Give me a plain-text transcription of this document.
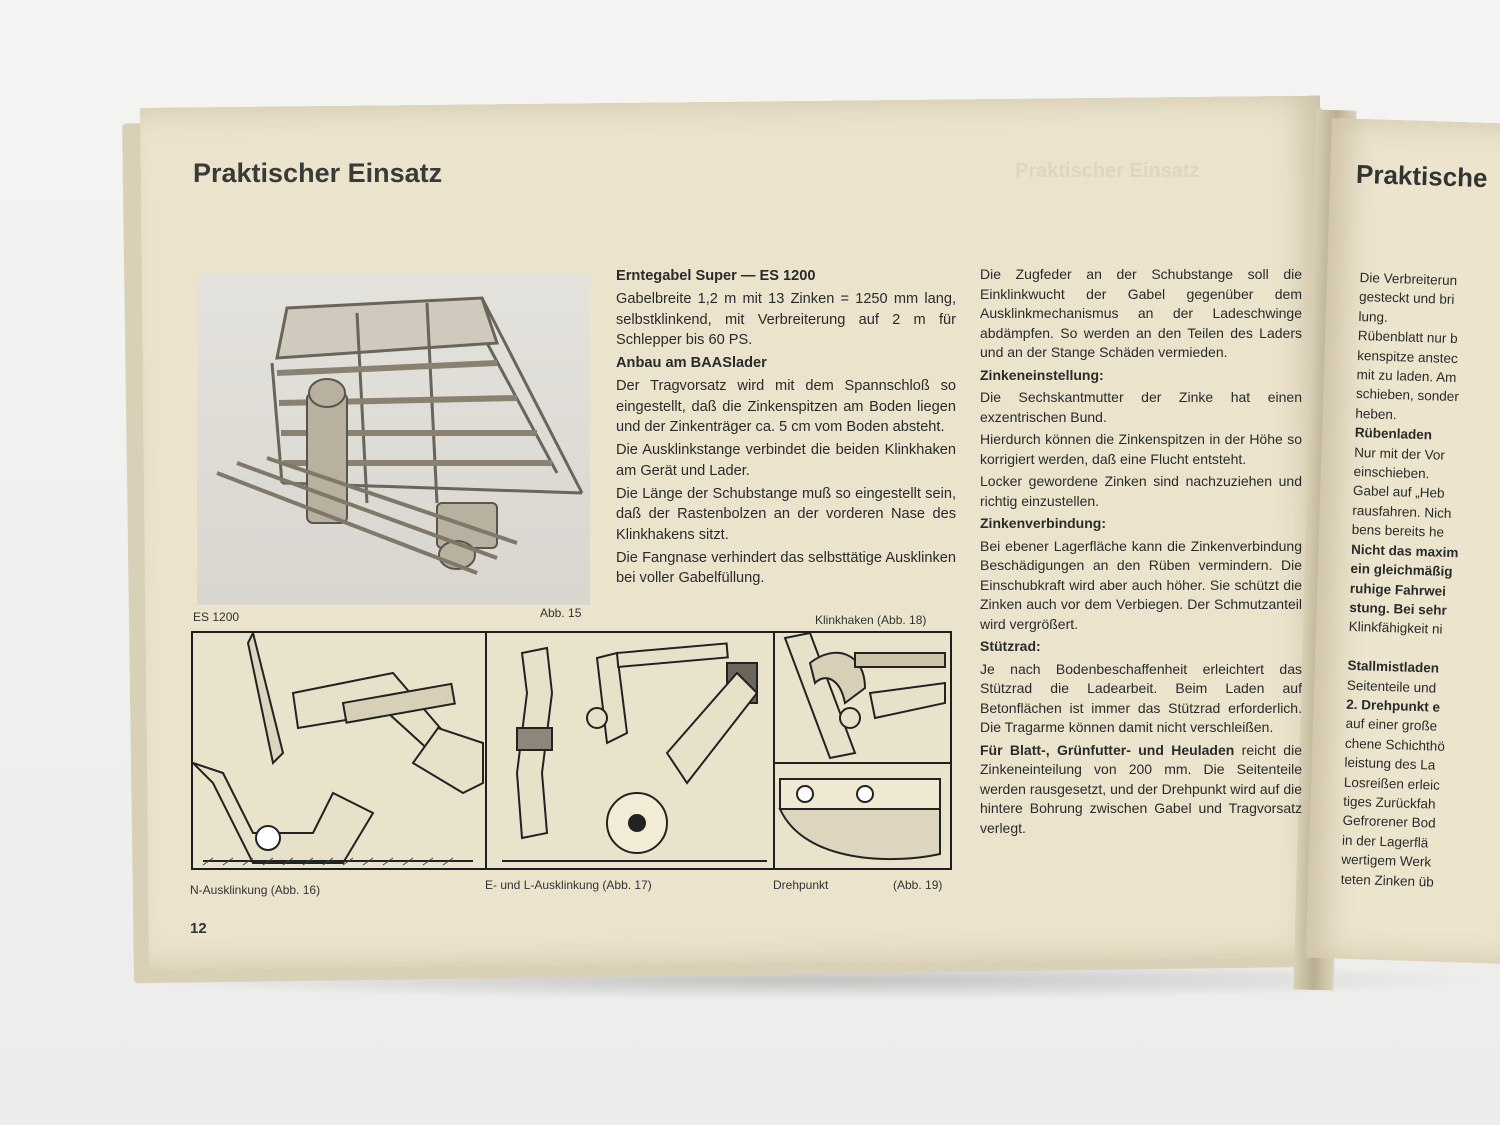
Praktischer Einsatz	Praktischer Einsatz
ES 1200	Abb. 15	Klinkhaken (Abb. 18)

Erntegabel Super — ES 1200

Gabelbreite 1,2 m mit 13 Zinken = 1250 mm lang, selbstklinkend, mit Verbreiterung auf 2 m für Schlepper bis 60 PS.

Anbau am BAASlader

Der Tragvorsatz wird mit dem Spannschloß so eingestellt, daß die Zinkenspitzen am Boden liegen und der Zinkenträger ca. 5 cm vom Boden absteht.

Die Ausklinkstange verbindet die beiden Klinkhaken am Gerät und Lader.

Die Länge der Schubstange muß so eingestellt sein, daß der Rastenbolzen an der vorderen Nase des Klinkhakens sitzt.

Die Fangnase verhindert das selbsttätige Ausklinken bei voller Gabelfüllung.

Die Zugfeder an der Schubstange soll die Einklinkwucht der Gabel gegenüber dem Ausklinkmechanismus an der Ladeschwinge abdämpfen. So werden an den Teilen des Laders und an der Stange Schäden vermieden.

Zinkeneinstellung:

Die Sechskantmutter der Zinke hat einen exzentrischen Bund.

Hierdurch können die Zinkenspitzen in der Höhe so korrigiert werden, daß eine Flucht entsteht.

Locker gewordene Zinken sind nachzuziehen und richtig einzustellen.

Zinkenverbindung:

Bei ebener Lagerfläche kann die Zinkenverbindung Beschädigungen an den Rüben vermindern. Die Einschubkraft wird aber auch höher. Sie schützt die Zinken auch vor dem Verbiegen. Der Schmutzanteil wird vergrößert.

Stützrad:

Je nach Bodenbeschaffenheit erleichtert das Stützrad die Ladearbeit. Beim Laden auf Betonflächen ist immer das Stützrad erforderlich. Die Tragarme können damit nicht verschleißen.

Für Blatt-, Grünfutter- und Heuladen reicht die Zinkeneinteilung von 200 mm. Die Seitenteile werden rausgesetzt, und der Drehpunkt wird auf die hintere Bohrung zwischen Gabel und Tragvorsatz verlegt.

N-Ausklinkung (Abb. 16)	E- und L-Ausklinkung (Abb. 17)	Drehpunkt	(Abb. 19)
12
Praktische
Die Verbreiterun
gesteckt und bri
lung.
Rübenblatt nur b
kenspitze anstec
mit zu laden. Am
schieben, sonder
heben.
Rübenladen
Nur mit der Vor
einschieben.
Gabel auf „Heb
rausfahren. Nich
bens bereits he
Nicht das maxim
ein gleichmäßig
ruhige Fahrwei
stung. Bei sehr
Klinkfähigkeit ni

Stallmistladen
Seitenteile und
2. Drehpunkt e
auf einer große
chene Schichthö
leistung des La
Losreißen erleic
tiges Zurückfah
Gefrorener Bod
in der Lagerflä
wertigem Werk
teten Zinken üb
